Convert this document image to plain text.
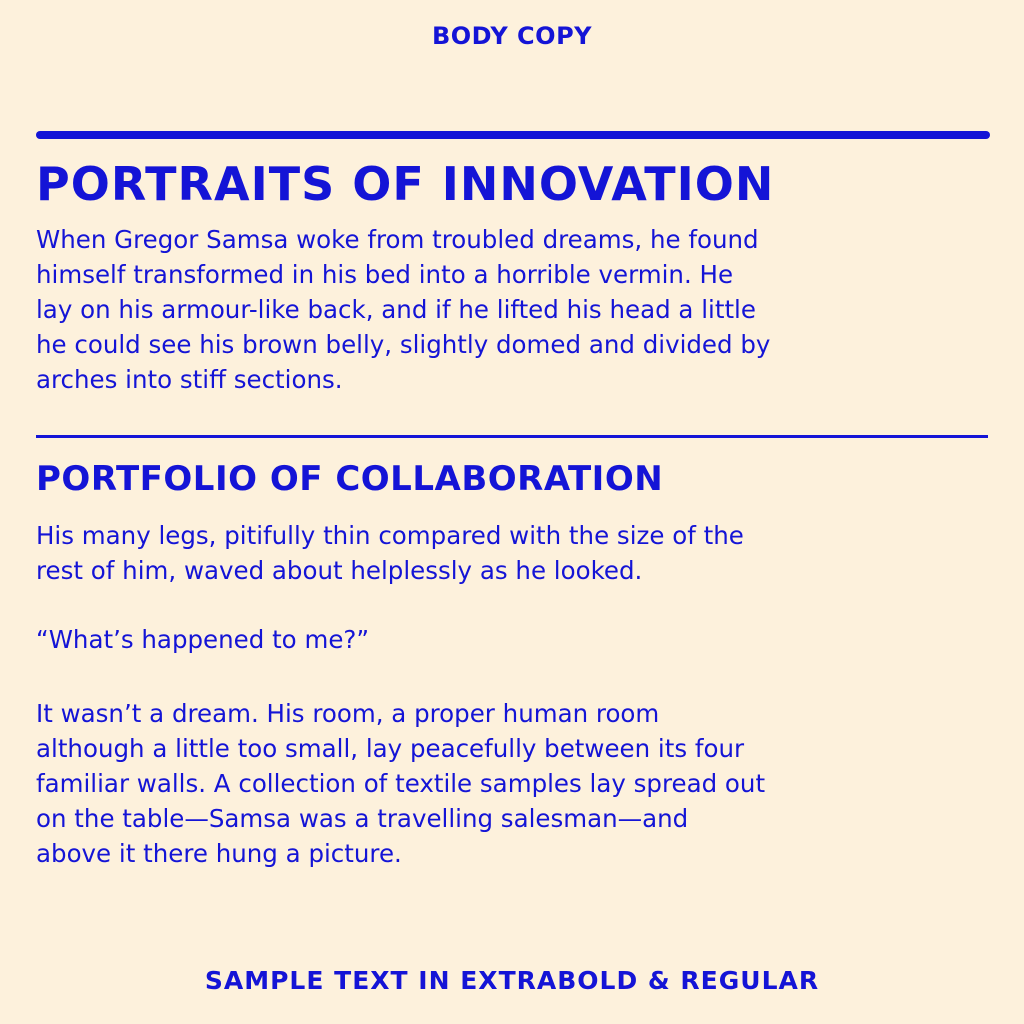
BODY COPY
PORTRAITS OF INNOVATION
When Gregor Samsa woke from troubled dreams, he found
himself transformed in his bed into a horrible vermin. He
lay on his armour-like back, and if he lifted his head a little
he could see his brown belly, slightly domed and divided by
arches into stiff sections.
PORTFOLIO OF COLLABORATION
His many legs, pitifully thin compared with the size of the
rest of him, waved about helplessly as he looked.
“What’s happened to me?”
It wasn’t a dream. His room, a proper human room
although a little too small, lay peacefully between its four
familiar walls. A collection of textile samples lay spread out
on the table—Samsa was a travelling salesman—and
above it there hung a picture.
SAMPLE TEXT IN EXTRABOLD & REGULAR
